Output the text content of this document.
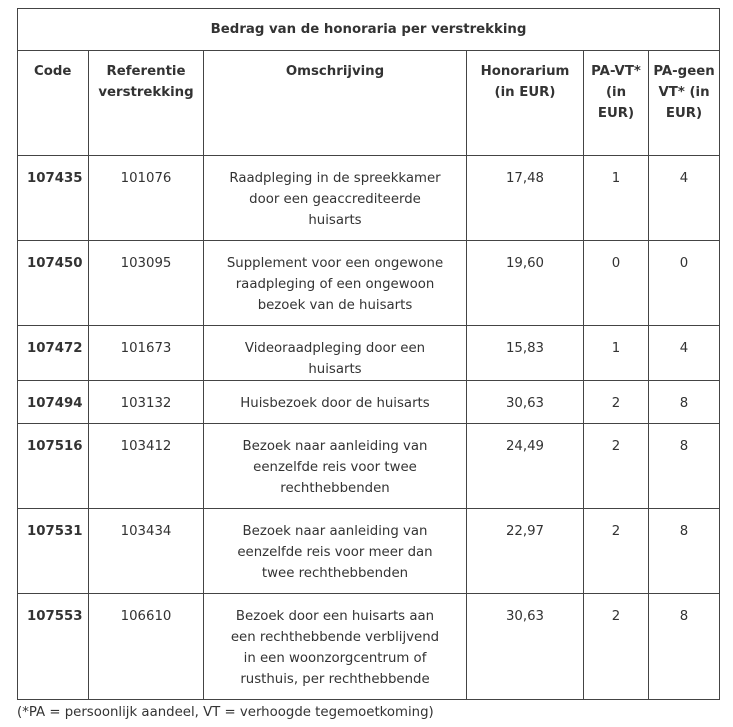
Bedrag van de honoraria per verstrekking					
Code	Referentie verstrekking	Omschrijving	Honorarium (in EUR)	PA-VT* (in EUR)	PA-geen VT* (in EUR)
107435	101076	Raadpleging in de spreekkamer door een geaccrediteerde huisarts	17,48	1	4
107450	103095	Supplement voor een ongewone raadpleging of een ongewoon bezoek van de huisarts	19,60	0	0
107472	101673	Videoraadpleging door een huisarts	15,83	1	4
107494	103132	Huisbezoek door de huisarts	30,63	2	8
107516	103412	Bezoek naar aanleiding van eenzelfde reis voor twee rechthebbenden	24,49	2	8
107531	103434	Bezoek naar aanleiding van eenzelfde reis voor meer dan twee rechthebbenden	22,97	2	8
107553	106610	Bezoek door een huisarts aan een rechthebbende verblijvend in een woonzorgcentrum of rusthuis, per rechthebbende	30,63	2	8
(*PA = persoonlijk aandeel, VT = verhoogde tegemoetkoming)
